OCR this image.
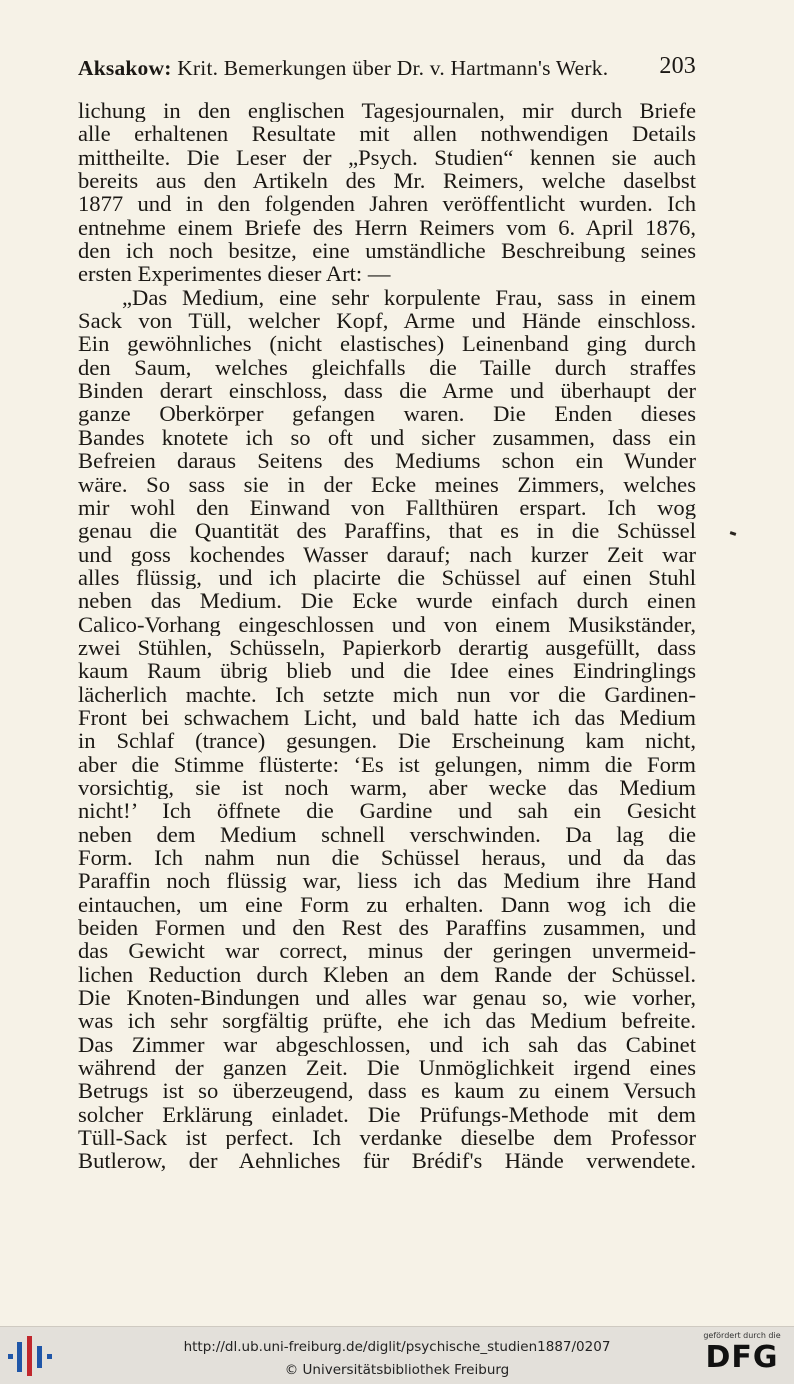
Aksakow: Krit. Bemerkungen über Dr. v. Hartmann's Werk. 203
lichung in den englischen Tagesjournalen, mir durch Briefe
alle erhaltenen Resultate mit allen nothwendigen Details
mittheilte. Die Leser der „Psych. Studien“ kennen sie auch
bereits aus den Artikeln des Mr. Reimers, welche daselbst
1877 und in den folgenden Jahren veröffentlicht wurden. Ich
entnehme einem Briefe des Herrn Reimers vom 6. April 1876,
den ich noch besitze, eine umständliche Beschreibung seines
ersten Experimentes dieser Art: —
„Das Medium, eine sehr korpulente Frau, sass in einem
Sack von Tüll, welcher Kopf, Arme und Hände einschloss.
Ein gewöhnliches (nicht elastisches) Leinenband ging durch
den Saum, welches gleichfalls die Taille durch straffes
Binden derart einschloss, dass die Arme und überhaupt der
ganze Oberkörper gefangen waren. Die Enden dieses
Bandes knotete ich so oft und sicher zusammen, dass ein
Befreien daraus Seitens des Mediums schon ein Wunder
wäre. So sass sie in der Ecke meines Zimmers, welches
mir wohl den Einwand von Fallthüren erspart. Ich wog
genau die Quantität des Paraffins, that es in die Schüssel
und goss kochendes Wasser darauf; nach kurzer Zeit war
alles flüssig, und ich placirte die Schüssel auf einen Stuhl
neben das Medium. Die Ecke wurde einfach durch einen
Calico-Vorhang eingeschlossen und von einem Musikständer,
zwei Stühlen, Schüsseln, Papierkorb derartig ausgefüllt, dass
kaum Raum übrig blieb und die Idee eines Eindringlings
lächerlich machte. Ich setzte mich nun vor die Gardinen-
Front bei schwachem Licht, und bald hatte ich das Medium
in Schlaf (trance) gesungen. Die Erscheinung kam nicht,
aber die Stimme flüsterte: ‘Es ist gelungen, nimm die Form
vorsichtig, sie ist noch warm, aber wecke das Medium
nicht!’ Ich öffnete die Gardine und sah ein Gesicht
neben dem Medium schnell verschwinden. Da lag die
Form. Ich nahm nun die Schüssel heraus, und da das
Paraffin noch flüssig war, liess ich das Medium ihre Hand
eintauchen, um eine Form zu erhalten. Dann wog ich die
beiden Formen und den Rest des Paraffins zusammen, und
das Gewicht war correct, minus der geringen unvermeid-
lichen Reduction durch Kleben an dem Rande der Schüssel.
Die Knoten-Bindungen und alles war genau so, wie vorher,
was ich sehr sorgfältig prüfte, ehe ich das Medium befreite.
Das Zimmer war abgeschlossen, und ich sah das Cabinet
während der ganzen Zeit. Die Unmöglichkeit irgend eines
Betrugs ist so überzeugend, dass es kaum zu einem Versuch
solcher Erklärung einladet. Die Prüfungs-Methode mit dem
Tüll-Sack ist perfect. Ich verdanke dieselbe dem Professor
Butlerow, der Aehnliches für Brédif's Hände verwendete.
http://dl.ub.uni-freiburg.de/diglit/psychische_studien1887/0207
© Universitätsbibliothek Freiburg
gefördert durch die
DFG
